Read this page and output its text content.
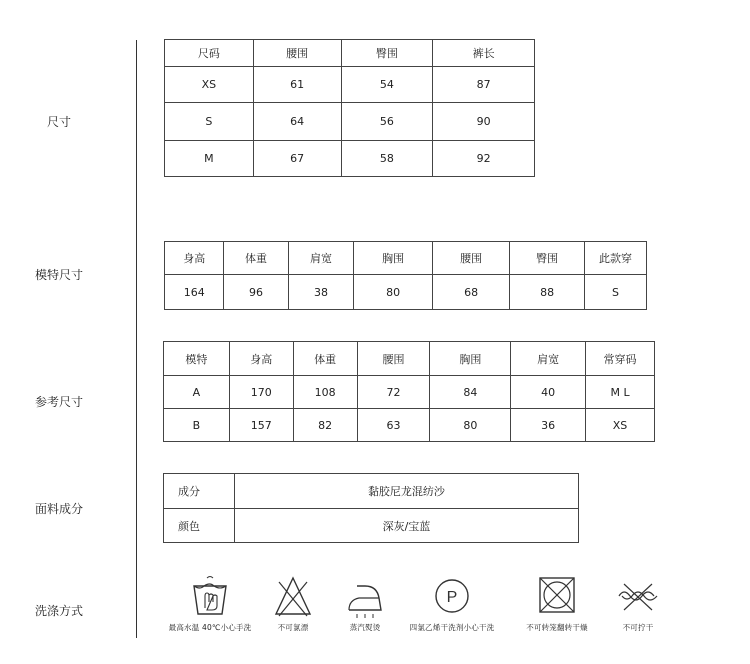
尺寸
模特尺寸
参考尺寸
面料成分
洗涤方式
尺码	腰围	臀围	裤长
XS	61	54	87
S	64	56	90
M	67	58	92
身高	体重	肩宽	胸围	腰围	臀围	此款穿
164	96	38	80	68	88	S
模特	身高	体重	腰围	胸围	肩宽	常穿码
A	170	108	72	84	40	M L
B	157	82	63	80	36	XS
成分	黏胶尼龙混纺沙
颜色	深灰/宝蓝
最高水温 40℃小心手洗	不可氯漂	蒸汽熨烫
P
四氯乙烯干洗剂小心干洗	不可转笼翻转干燥	不可拧干
